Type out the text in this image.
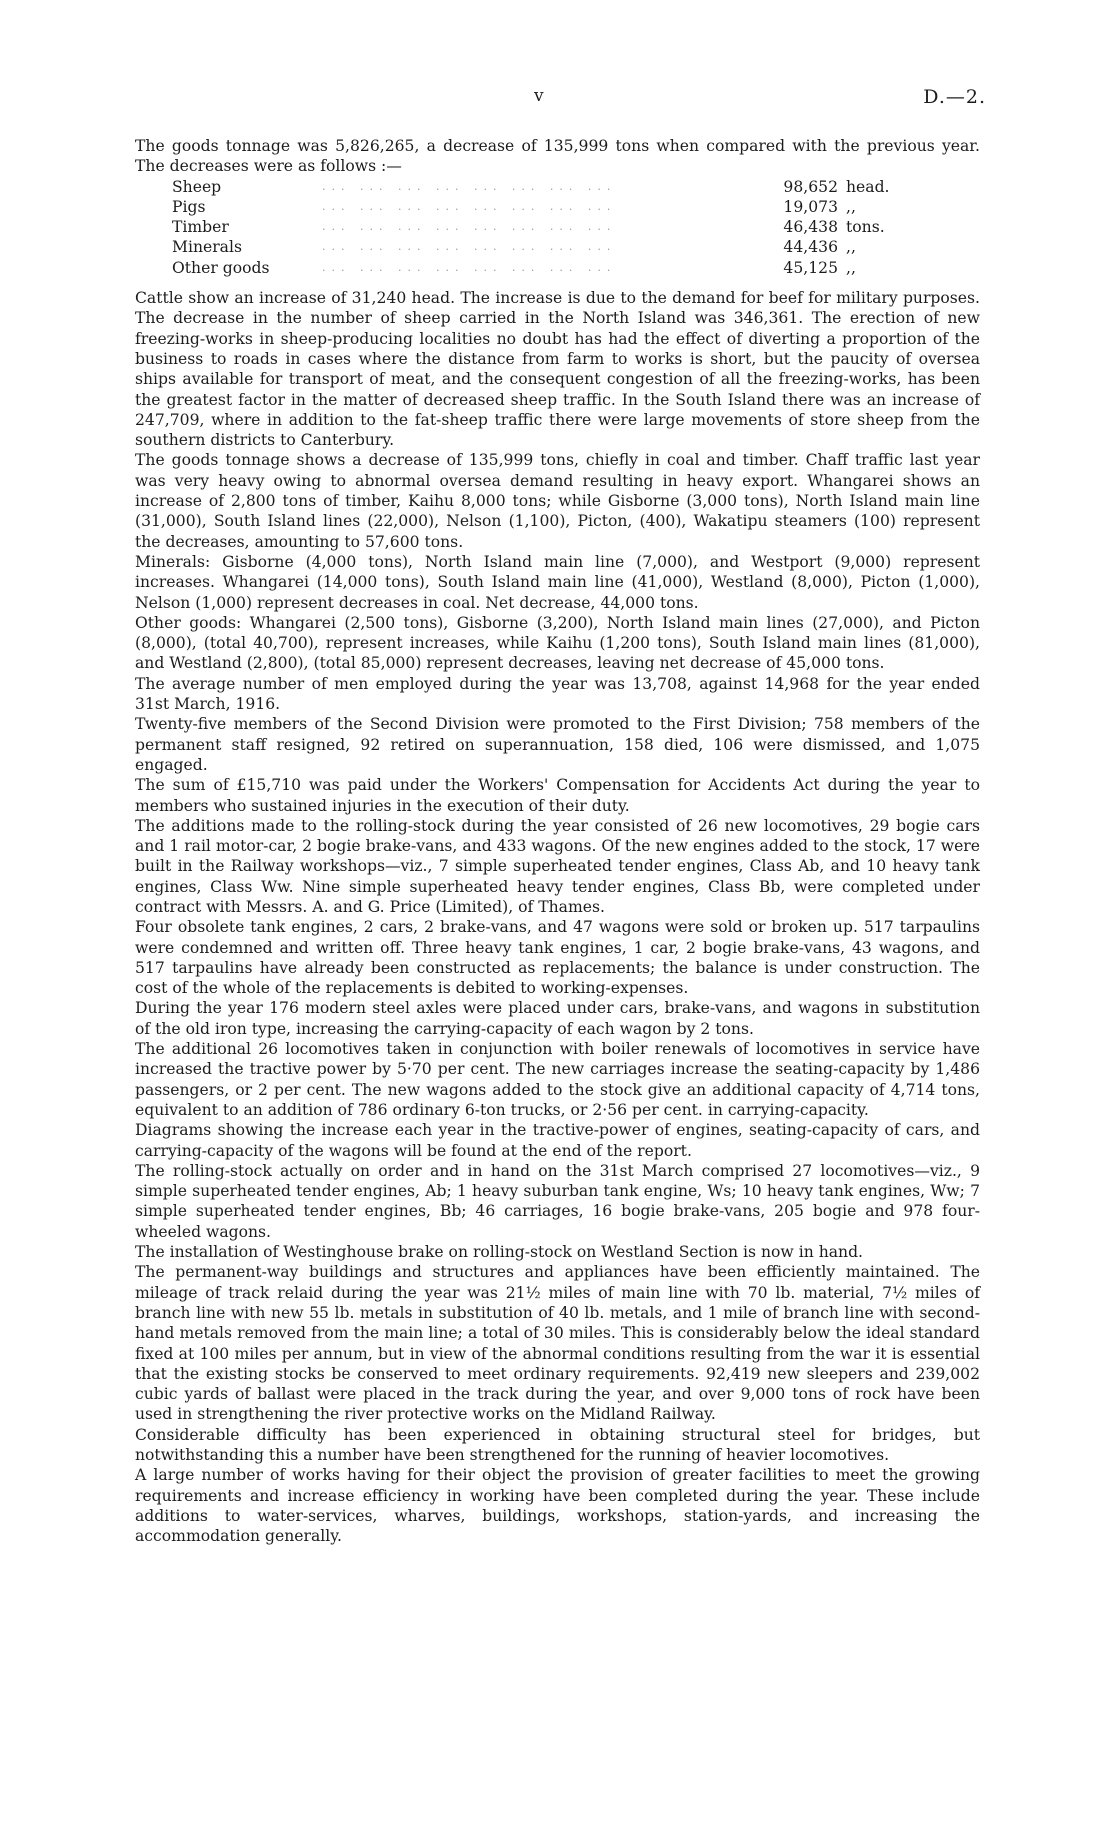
v	D.—2.

The goods tonnage was 5,826,265, a decrease of 135,999 tons when compared with the previous year. The decreases were as follows :—

Sheep	... ... ... ... ... ... ... ...	98,652	head.
Pigs	... ... ... ... ... ... ... ...	19,073	,,
Timber	... ... ... ... ... ... ... ...	46,438	tons.
Minerals	... ... ... ... ... ... ... ...	44,436	,,
Other goods	... ... ... ... ... ... ... ...	45,125	,,

Cattle show an increase of 31,240 head. The increase is due to the demand for beef for military purposes. The decrease in the number of sheep carried in the North Island was 346,361. The erection of new freezing-works in sheep-producing localities no doubt has had the effect of diverting a proportion of the business to roads in cases where the distance from farm to works is short, but the paucity of oversea ships available for transport of meat, and the consequent congestion of all the freezing-works, has been the greatest factor in the matter of decreased sheep traffic. In the South Island there was an increase of 247,709, where in addition to the fat-sheep traffic there were large movements of store sheep from the southern districts to Canterbury.

The goods tonnage shows a decrease of 135,999 tons, chiefly in coal and timber. Chaff traffic last year was very heavy owing to abnormal oversea demand resulting in heavy export. Whangarei shows an increase of 2,800 tons of timber, Kaihu 8,000 tons; while Gisborne (3,000 tons), North Island main line (31,000), South Island lines (22,000), Nelson (1,100), Picton, (400), Wakatipu steamers (100) represent the decreases, amounting to 57,600 tons.

Minerals: Gisborne (4,000 tons), North Island main line (7,000), and Westport (9,000) represent increases. Whangarei (14,000 tons), South Island main line (41,000), Westland (8,000), Picton (1,000), Nelson (1,000) represent decreases in coal. Net decrease, 44,000 tons.

Other goods: Whangarei (2,500 tons), Gisborne (3,200), North Island main lines (27,000), and Picton (8,000), (total 40,700), represent increases, while Kaihu (1,200 tons), South Island main lines (81,000), and Westland (2,800), (total 85,000) represent decreases, leaving net decrease of 45,000 tons.

The average number of men employed during the year was 13,708, against 14,968 for the year ended 31st March, 1916.

Twenty-five members of the Second Division were promoted to the First Division; 758 members of the permanent staff resigned, 92 retired on superannuation, 158 died, 106 were dismissed, and 1,075 engaged.

The sum of £15,710 was paid under the Workers' Compensation for Accidents Act during the year to members who sustained injuries in the execution of their duty.

The additions made to the rolling-stock during the year consisted of 26 new locomotives, 29 bogie cars and 1 rail motor-car, 2 bogie brake-vans, and 433 wagons. Of the new engines added to the stock, 17 were built in the Railway workshops—viz., 7 simple superheated tender engines, Class Ab, and 10 heavy tank engines, Class Ww. Nine simple superheated heavy tender engines, Class Bb, were completed under contract with Messrs. A. and G. Price (Limited), of Thames.

Four obsolete tank engines, 2 cars, 2 brake-vans, and 47 wagons were sold or broken up. 517 tarpaulins were condemned and written off. Three heavy tank engines, 1 car, 2 bogie brake-vans, 43 wagons, and 517 tarpaulins have already been constructed as replacements; the balance is under construction. The cost of the whole of the replacements is debited to working-expenses.

During the year 176 modern steel axles were placed under cars, brake-vans, and wagons in substitution of the old iron type, increasing the carrying-capacity of each wagon by 2 tons.

The additional 26 locomotives taken in conjunction with boiler renewals of locomotives in service have increased the tractive power by 5·70 per cent. The new carriages increase the seating-capacity by 1,486 passengers, or 2 per cent. The new wagons added to the stock give an additional capacity of 4,714 tons, equivalent to an addition of 786 ordinary 6-ton trucks, or 2·56 per cent. in carrying-capacity.

Diagrams showing the increase each year in the tractive-power of engines, seating-capacity of cars, and carrying-capacity of the wagons will be found at the end of the report.

The rolling-stock actually on order and in hand on the 31st March comprised 27 locomotives—viz., 9 simple superheated tender engines, Ab; 1 heavy suburban tank engine, Ws; 10 heavy tank engines, Ww; 7 simple superheated tender engines, Bb; 46 carriages, 16 bogie brake-vans, 205 bogie and 978 four-wheeled wagons.

The installation of Westinghouse brake on rolling-stock on Westland Section is now in hand.

The permanent-way buildings and structures and appliances have been efficiently maintained. The mileage of track relaid during the year was 21½ miles of main line with 70 lb. material, 7½ miles of branch line with new 55 lb. metals in substitution of 40 lb. metals, and 1 mile of branch line with second-hand metals removed from the main line; a total of 30 miles. This is considerably below the ideal standard fixed at 100 miles per annum, but in view of the abnormal conditions resulting from the war it is essential that the existing stocks be conserved to meet ordinary requirements. 92,419 new sleepers and 239,002 cubic yards of ballast were placed in the track during the year, and over 9,000 tons of rock have been used in strengthening the river protective works on the Midland Railway.

Considerable difficulty has been experienced in obtaining structural steel for bridges, but notwithstanding this a number have been strengthened for the running of heavier locomotives.

A large number of works having for their object the provision of greater facilities to meet the growing requirements and increase efficiency in working have been completed during the year. These include additions to water-services, wharves, buildings, workshops, station-yards, and increasing the accommodation generally.
